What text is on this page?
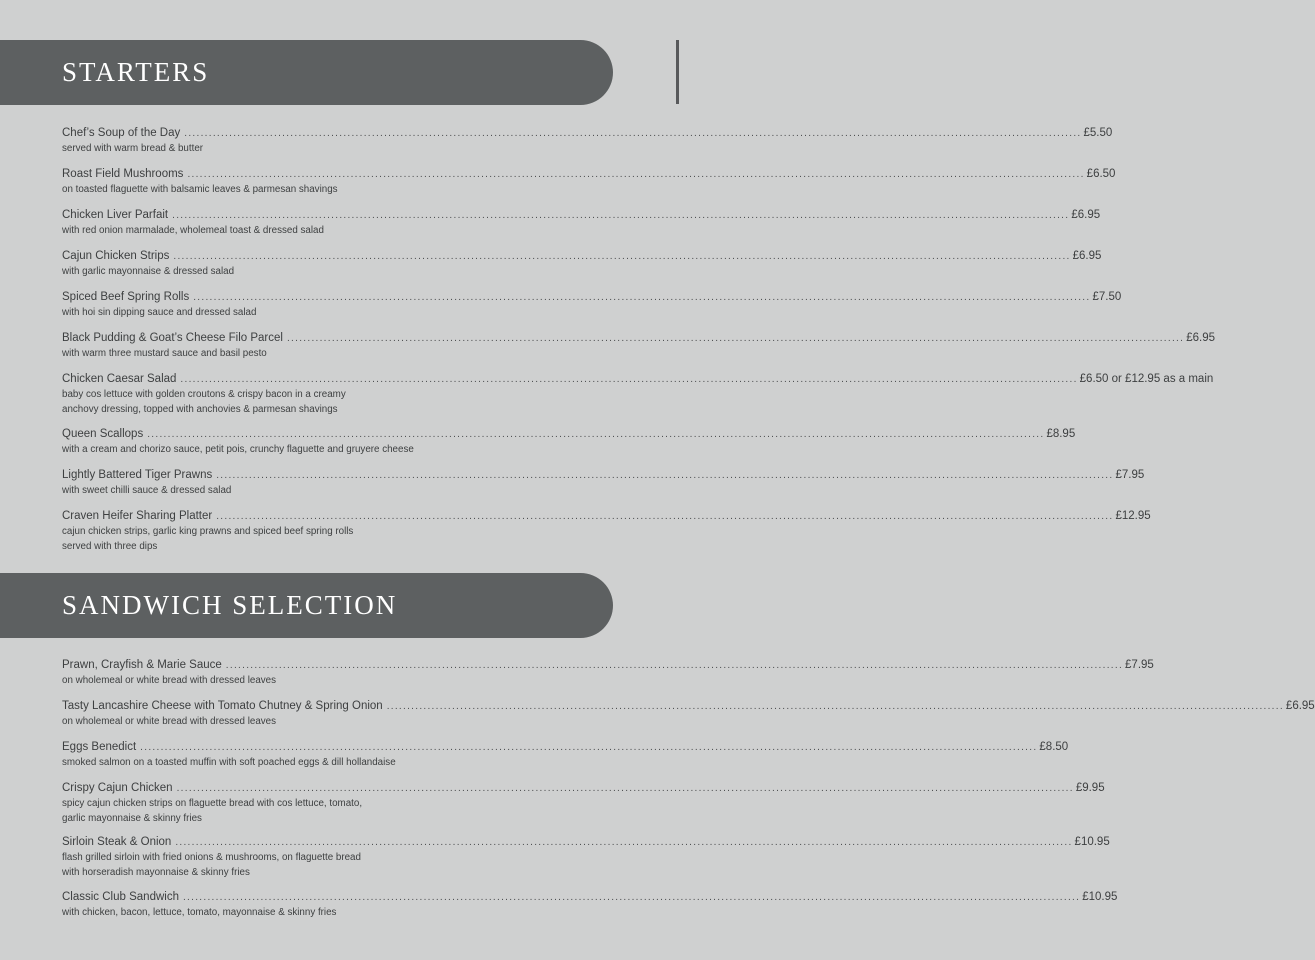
STARTERS
Chef’s Soup of the Day ............................................................................................................................................................................................................................ £5.50
served with warm bread & butter
Roast Field Mushrooms ............................................................................................................................................................................................................................ £6.50
on toasted flaguette with balsamic leaves & parmesan shavings
Chicken Liver Parfait ............................................................................................................................................................................................................................ £6.95
with red onion marmalade, wholemeal toast & dressed salad
Cajun Chicken Strips ............................................................................................................................................................................................................................ £6.95
with garlic mayonnaise & dressed salad
Spiced Beef Spring Rolls ............................................................................................................................................................................................................................ £7.50
with hoi sin dipping sauce and dressed salad
Black Pudding & Goat’s Cheese Filo Parcel ............................................................................................................................................................................................................................ £6.95
with warm three mustard sauce and basil pesto
Chicken Caesar Salad ............................................................................................................................................................................................................................ £6.50 or £12.95 as a main
baby cos lettuce with golden croutons & crispy bacon in a creamy
anchovy dressing, topped with anchovies & parmesan shavings
Queen Scallops ............................................................................................................................................................................................................................ £8.95
with a cream and chorizo sauce, petit pois, crunchy flaguette and gruyere cheese
Lightly Battered Tiger Prawns ............................................................................................................................................................................................................................ £7.95
with sweet chilli sauce & dressed salad
Craven Heifer Sharing Platter ............................................................................................................................................................................................................................ £12.95
cajun chicken strips, garlic king prawns and spiced beef spring rolls
served with three dips
SANDWICH SELECTION
Prawn, Crayfish & Marie Sauce ............................................................................................................................................................................................................................ £7.95
on wholemeal or white bread with dressed leaves
Tasty Lancashire Cheese with Tomato Chutney & Spring Onion ............................................................................................................................................................................................................................ £6.95
on wholemeal or white bread with dressed leaves
Eggs Benedict ............................................................................................................................................................................................................................ £8.50
smoked salmon on a toasted muffin with soft poached eggs & dill hollandaise
Crispy Cajun Chicken ............................................................................................................................................................................................................................ £9.95
spicy cajun chicken strips on flaguette bread with cos lettuce, tomato,
garlic mayonnaise & skinny fries
Sirloin Steak & Onion ............................................................................................................................................................................................................................ £10.95
flash grilled sirloin with fried onions & mushrooms, on flaguette bread
with horseradish mayonnaise & skinny fries
Classic Club Sandwich ............................................................................................................................................................................................................................ £10.95
with chicken, bacon, lettuce, tomato, mayonnaise & skinny fries
